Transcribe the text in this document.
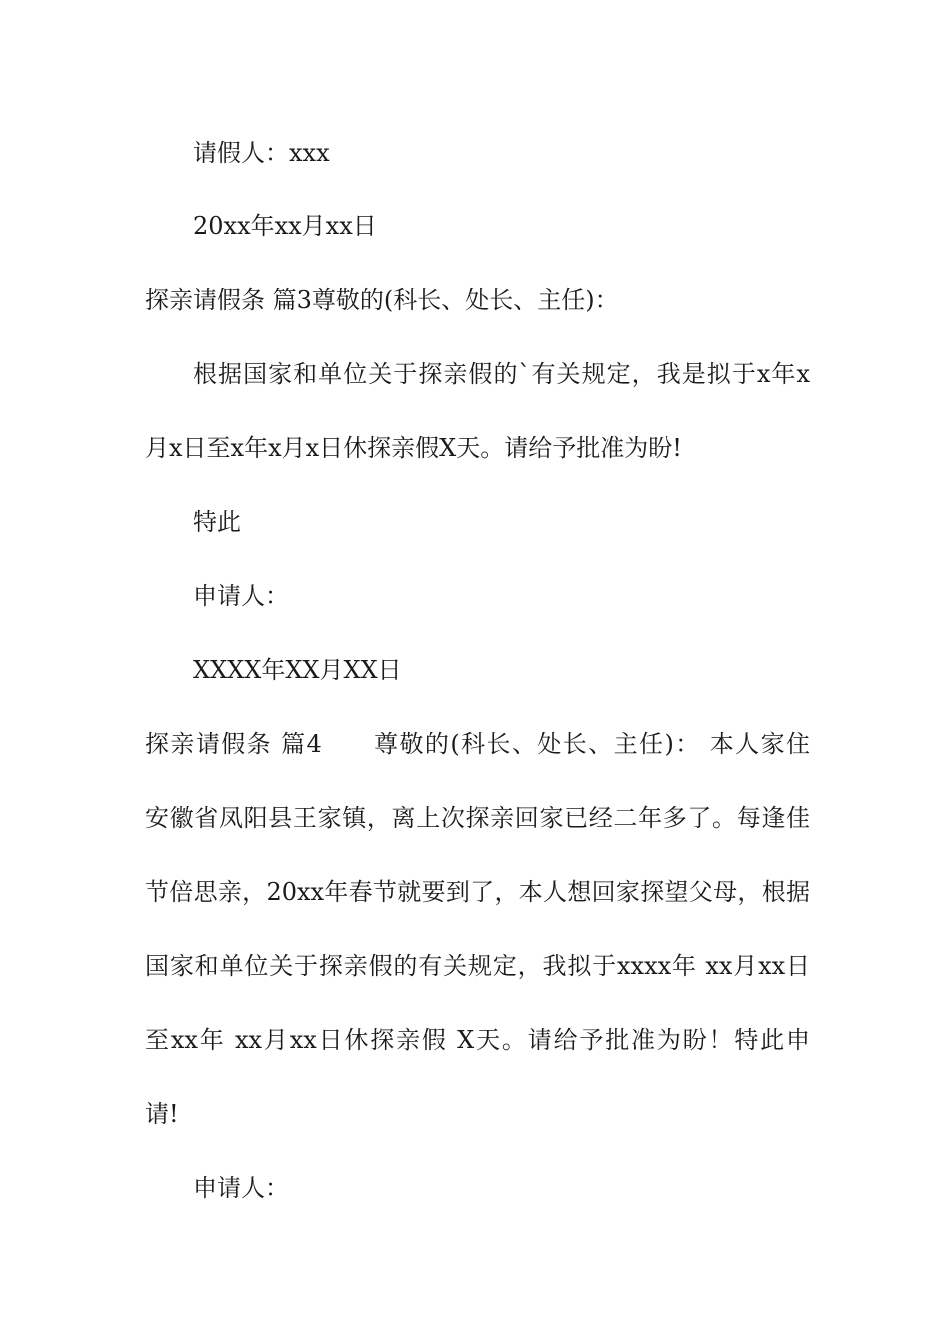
请假人：xxx
20xx年xx月xx日
探亲请假条 篇3尊敬的(科长、处长、主任)：
根据国家和单位关于探亲假的`有关规定，我是拟于x年x
月x日至x年x月x日休探亲假X天。请给予批准为盼!
特此
申请人：
XXXX年XX月XX日
探亲请假条 篇4　　尊敬的(科长、处长、主任)： 本人家住
安徽省凤阳县王家镇，离上次探亲回家已经二年多了。每逢佳
节倍思亲，20xx年春节就要到了，本人想回家探望父母，根据
国家和单位关于探亲假的有关规定，我拟于xxxx年 xx月xx日
至xx年 xx月xx日休探亲假 X天。请给予批准为盼！特此申
请!
申请人：
